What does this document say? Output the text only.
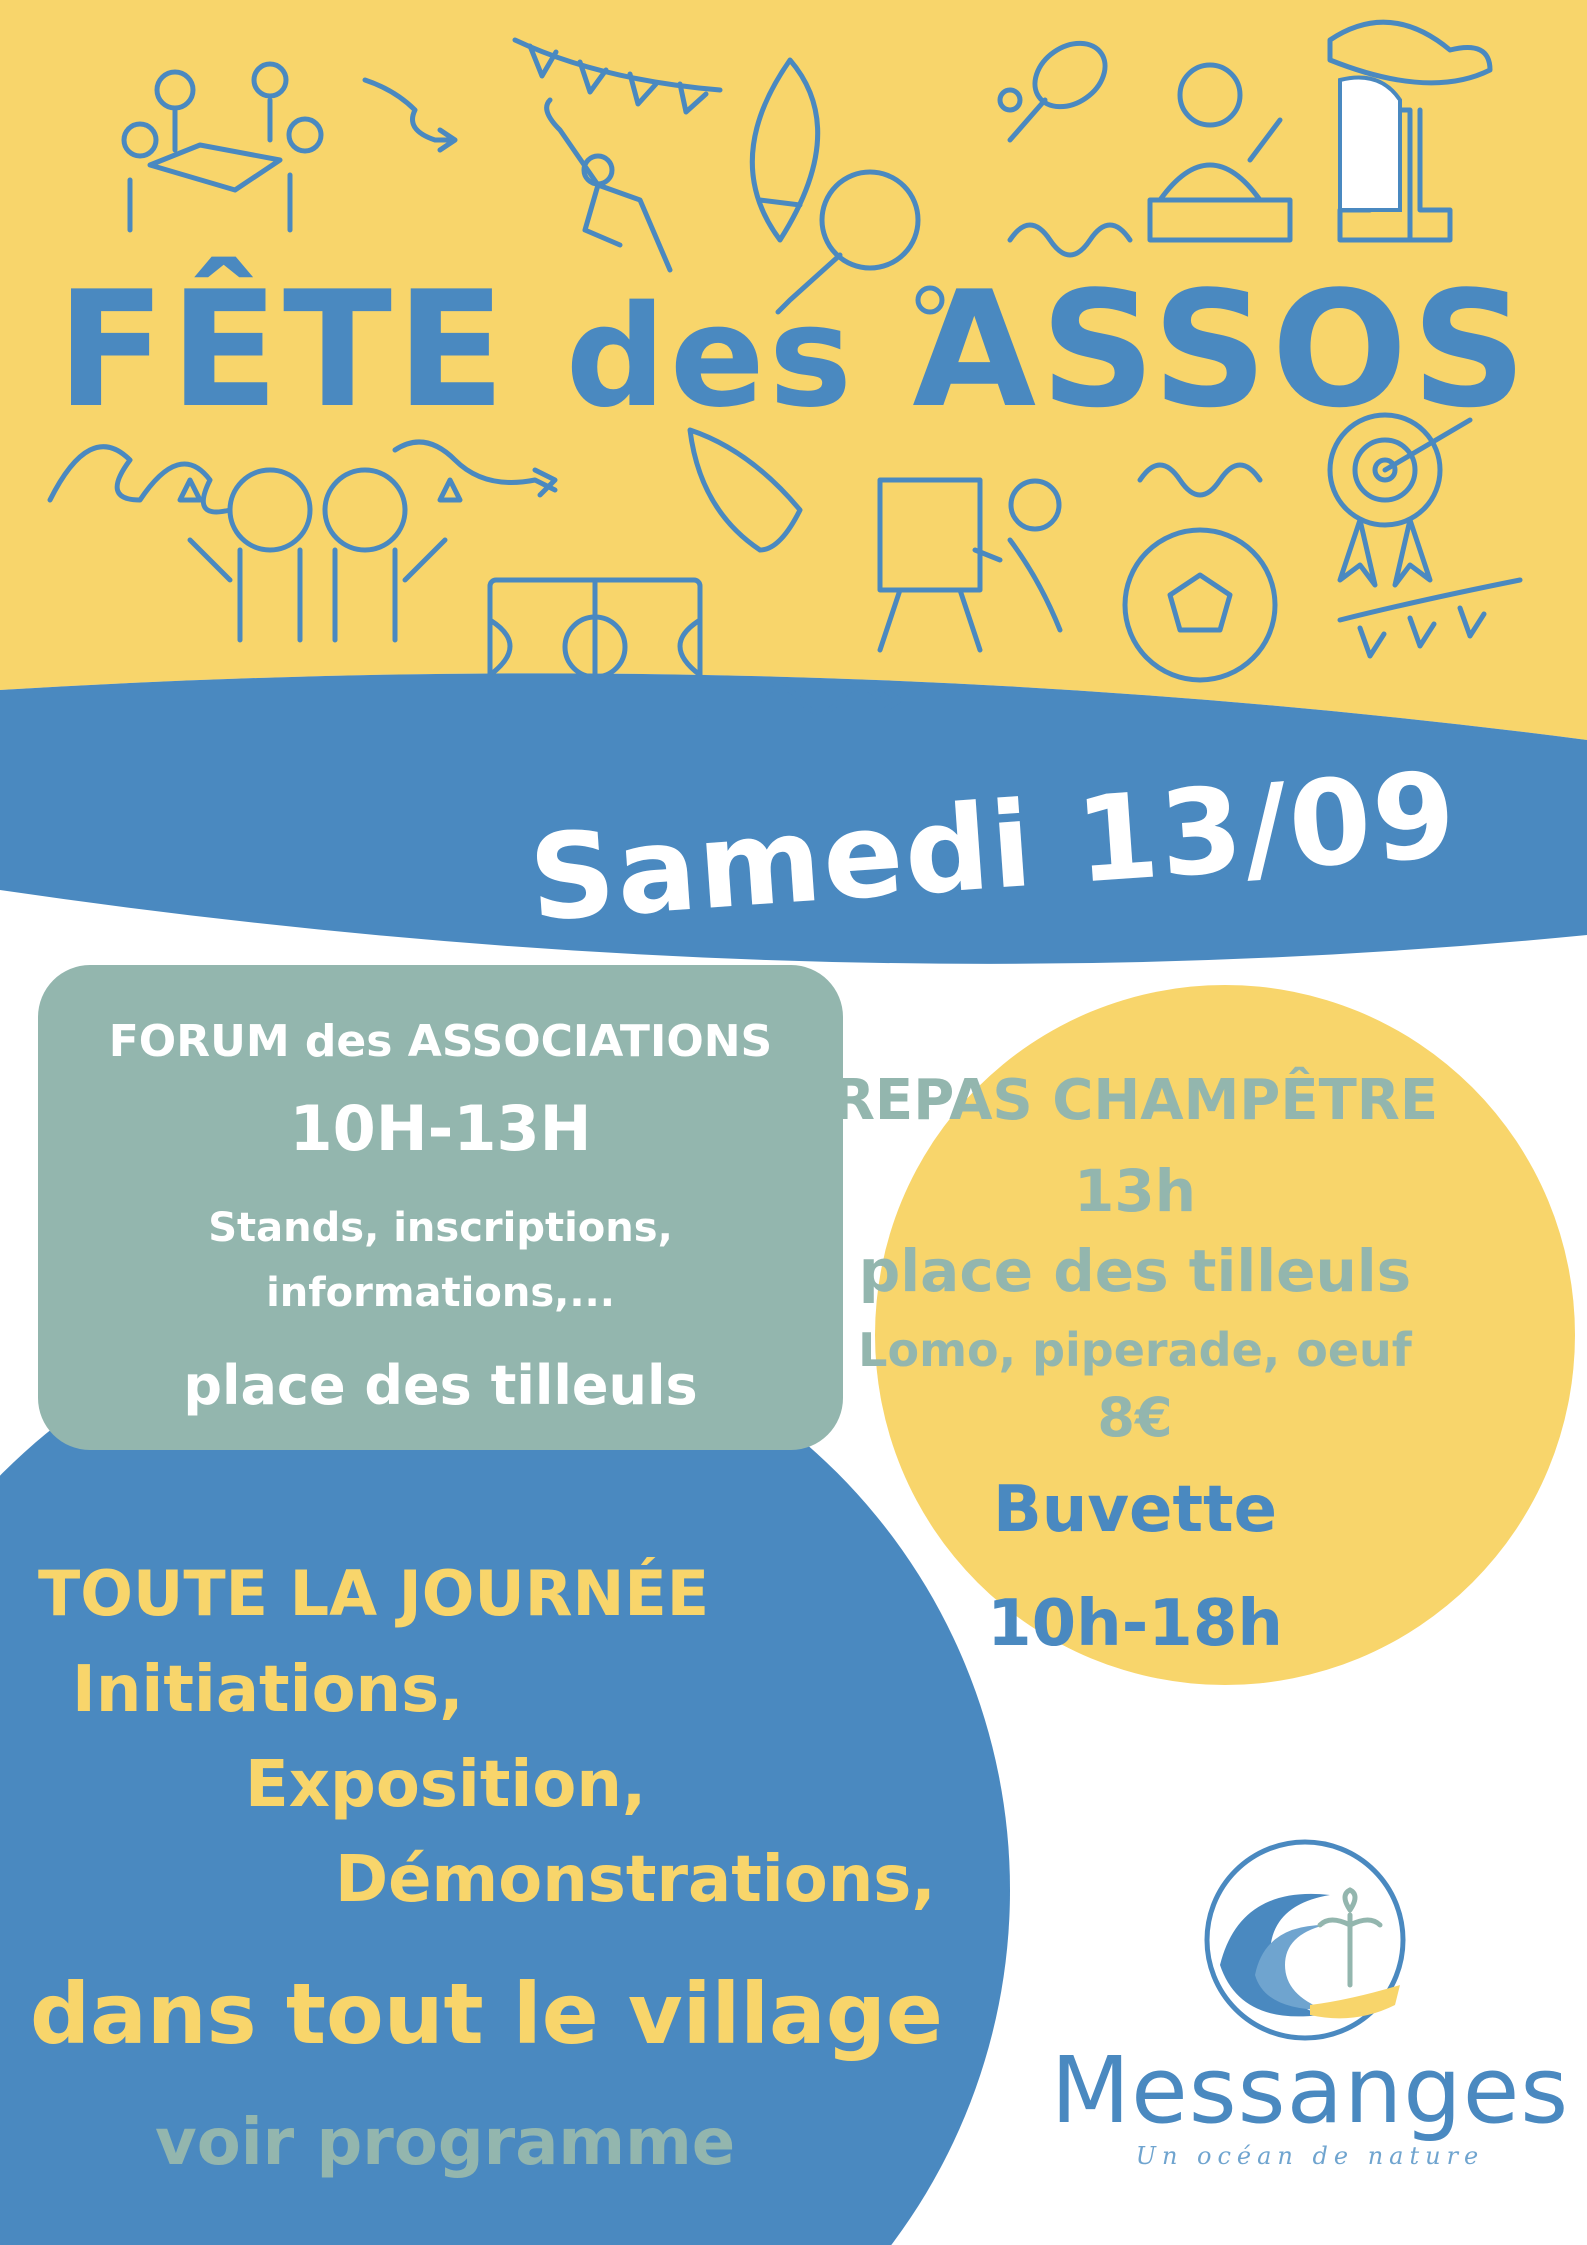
FÊTE des ASSOS
Samedi 13/09

FORUM des ASSOCIATIONS

10H-13H

Stands, inscriptions,

informations,...

place des tilleuls

REPAS CHAMPÊTRE

13h

place des tilleuls

Lomo, piperade, oeuf

8€

Buvette

10h-18h

TOUTE LA JOURNÉE

Initiations,

Exposition,

Démonstrations,

dans tout le village

voir programme	Messanges
Un océan de nature
